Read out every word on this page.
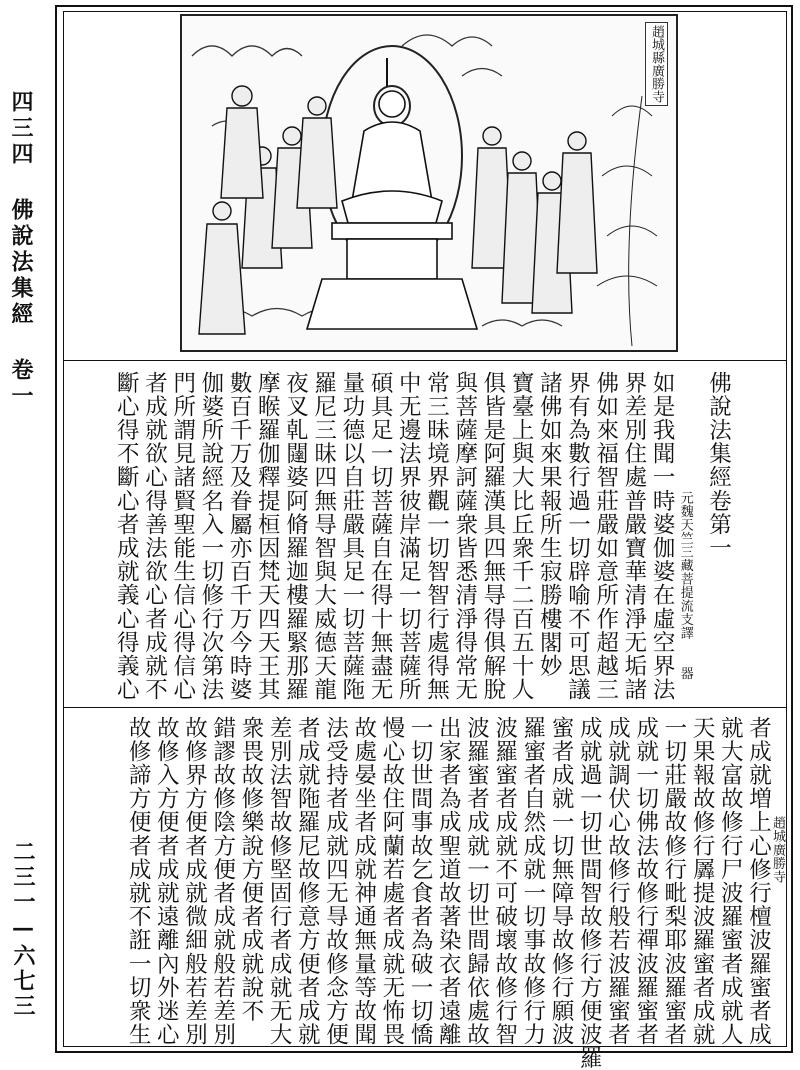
四三四 佛說法集經 卷一
二三一—六七三
趙城縣廣勝寺
佛說法集經卷第一
元魏天竺三藏菩提流支譯　　器
如是我聞一時婆伽婆在虛空界法
界差別住處普嚴寶華清淨无垢諸
佛如來福智莊嚴如意所作超越三
界有為數行過一切辟喻不可思議
諸佛如來果報所生寂勝樓閣妙
寶臺上與大比丘衆千二百五十人
俱皆是阿羅漢具四無㝵得俱解脫
與菩薩摩訶薩衆皆悉清淨得常无
常三昧境界觀一切智智行處得無
中无邊法界彼岸滿足一切菩薩所
碩具足一切菩薩自在得十無盡无
量功德以自莊嚴具足一切菩薩陁
羅尼三昧四無㝵智與大威德天龍
夜叉乹闥婆阿脩羅迦樓羅緊那羅
摩睺羅伽釋提桓因梵天四天王其
數百千万及眷屬亦百千万今時婆
伽婆所說經名入一切修行次第法
門所謂見諸賢聖能生信心得信心
者成就欲心得善法欲心者成就不
斷心得不斷心者成就義心得義心
者成就増上心修行檀波羅蜜者成
就大富故修行尸波羅蜜者成就人
天果報故修行羼提波羅蜜者成就
一切莊嚴故修行毗梨耶波羅蜜者
成就一切佛法故修行禪波羅蜜者
成就調伏心故修行般若波羅蜜者
成就過一切世間智故修行方便波羅
蜜者成就一切無障㝵故修行願波
羅蜜者自然成就一切事故修行力
波羅蜜者成就不可破壞故修行智
波羅蜜者成就一切世間歸依處故
出家者為成聖道故著染衣者遠離
一切世間事故乞食者為破一切憍
慢心故住阿蘭若處者成就无怖畏
故處晏坐者成就神通無量等故聞
法受持者成就四无㝵故修念方便
者成就陁羅尼故修意方便者成就
差別法智故修堅固行者成就无大
衆畏故修樂說方便者成就說不
錯謬故修陰方便者成就般若差別
故修界方便者成就微細般若差別
故修入方便者成就遠離內外迷心
故修諦方便者成就不誑一切衆生	趙城廣勝寺
